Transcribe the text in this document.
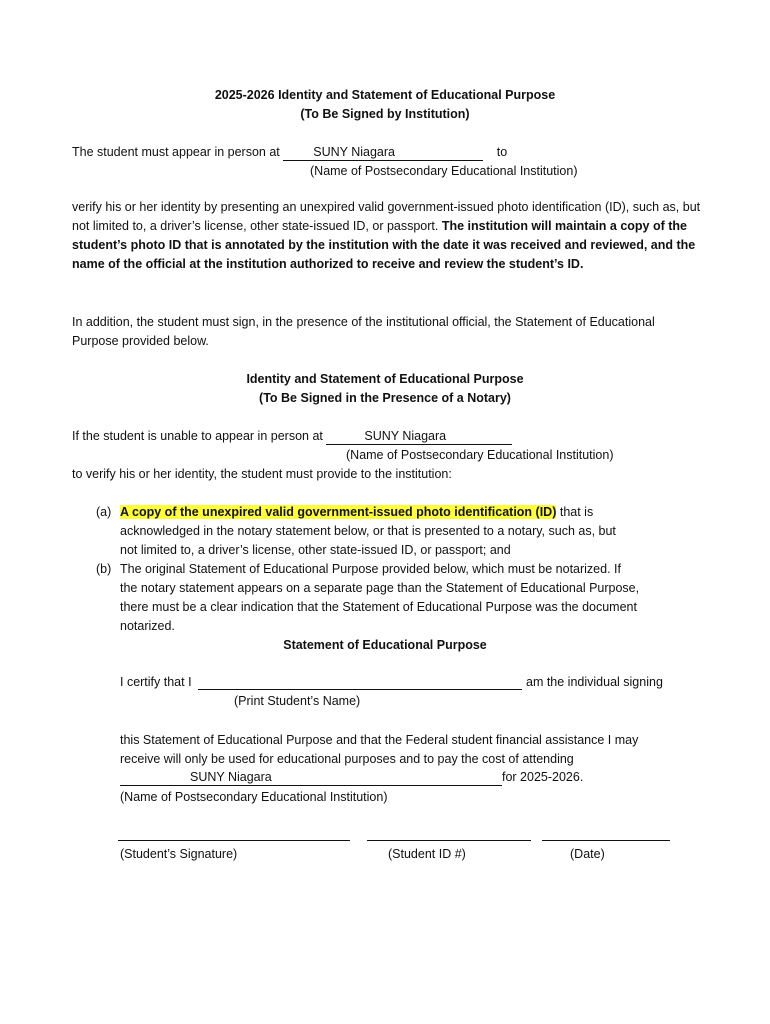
2025-2026 Identity and Statement of Educational Purpose
(To Be Signed by Institution)
The student must appear in person at	SUNY Niagara	to
(Name of Postsecondary Educational Institution)
verify his or her identity by presenting an unexpired valid government-issued photo identification (ID), such as, but not limited to, a driver’s license, other state-issued ID, or passport. The institution will maintain a copy of the student’s photo ID that is annotated by the institution with the date it was received and reviewed, and the name of the official at the institution authorized to receive and review the student’s ID.
In addition, the student must sign, in the presence of the institutional official, the Statement of Educational Purpose provided below.
Identity and Statement of Educational Purpose
(To Be Signed in the Presence of a Notary)
If the student is unable to appear in person at	SUNY Niagara
(Name of Postsecondary Educational Institution)
to verify his or her identity, the student must provide to the institution:
(a) A copy of the unexpired valid government-issued photo identification (ID) that is
acknowledged in the notary statement below, or that is presented to a notary, such as, but
not limited to, a driver’s license, other state-issued ID, or passport; and
(b) The original Statement of Educational Purpose provided below, which must be notarized. If
the notary statement appears on a separate page than the Statement of Educational Purpose,
there must be a clear indication that the Statement of Educational Purpose was the document
notarized.
Statement of Educational Purpose
I certify that I	am the individual signing
(Print Student’s Name)
this Statement of Educational Purpose and that the Federal student financial assistance I may
receive will only be used for educational purposes and to pay the cost of attending
SUNY Niagara	for 2025-2026.
(Name of Postsecondary Educational Institution)
(Student’s Signature)	(Student ID #)	(Date)
